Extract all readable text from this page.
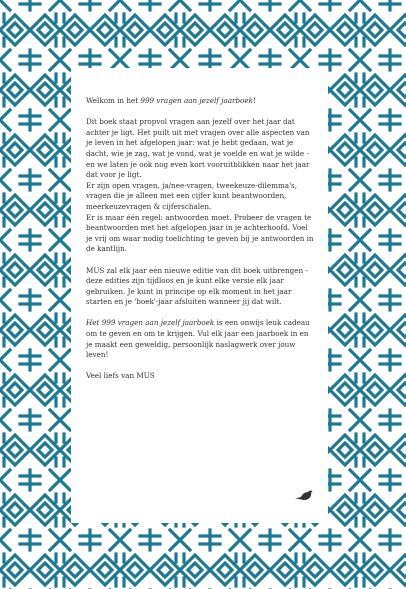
Welkom in het 999 vragen aan jezelf jaarboek!

Dit boek staat propvol vragen aan jezelf over het jaar dat achter je ligt. Het puilt uit met vragen over alle aspecten van je leven in het afgelopen jaar: wat je hebt gedaan, wat je dacht, wie je zag, wat je vond, wat je voelde en wat je wilde - en we laten je ook nog even kort vooruitblikken naar het jaar dat voor je ligt.
Er zijn open vragen, ja/nee-vragen, tweekeuze-dilemma's, vragen die je alleen met een cijfer kunt beantwoorden, meerkeuzevragen & cijferschalen.
Er is maar één regel: antwoorden moet. Probeer de vragen te beantwoorden met het afgelopen jaar in je achterhoofd. Voel je vrij om waar nodig toelichting te geven bij je antwoorden in de kantlijn.

MUS zal elk jaar een nieuwe editie van dit boek uitbrengen - deze edities zijn tijdloos en je kunt elke versie elk jaar gebruiken. Je kunt in principe op elk moment in het jaar starten en je 'boek'-jaar afsluiten wanneer jij dat wilt.

Het 999 vragen aan jezelf jaarboek is een onwijs leuk cadeau om te geven en om te krijgen. Vul elk jaar een jaarboek in en je maakt een geweldig, persoonlijk naslagwerk over jouw leven!

Veel liefs van MUS
